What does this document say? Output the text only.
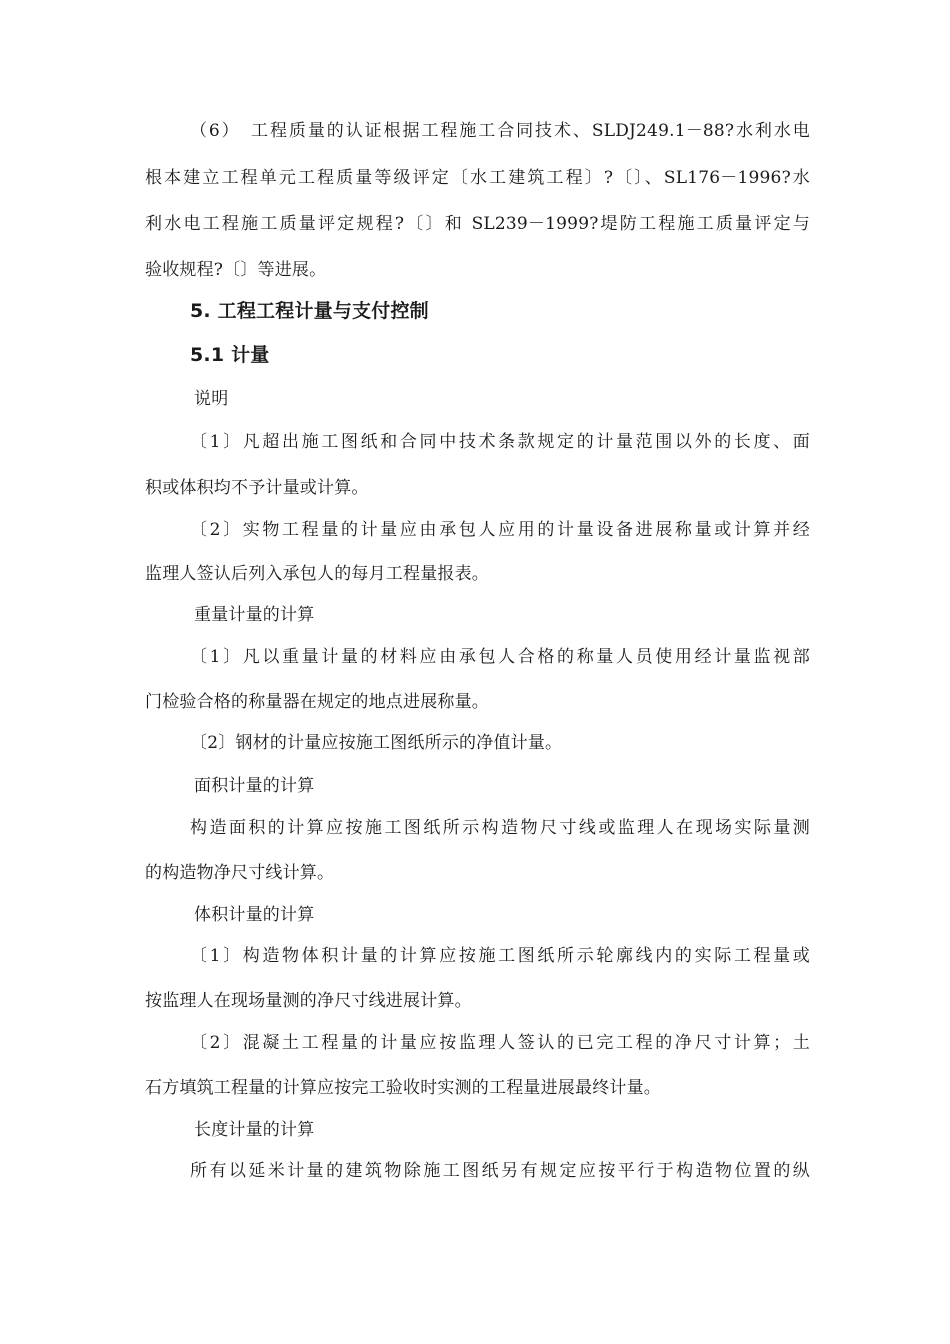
（6）　工程质量的认证根据工程施工合同技术、SLDJ249.1－88?水利水电
根本建立工程单元工程质量等级评定〔水工建筑工程〕?〔〕、SL176－1996?水
利水电工程施工质量评定规程?〔〕和 SL239－1999?堤防工程施工质量评定与
验收规程?〔〕等进展。
5. 工程工程计量与支付控制
5.1 计量
说明
〔1〕凡超出施工图纸和合同中技术条款规定的计量范围以外的长度、面
积或体积均不予计量或计算。
〔2〕实物工程量的计量应由承包人应用的计量设备进展称量或计算并经
监理人签认后列入承包人的每月工程量报表。
重量计量的计算
〔1〕凡以重量计量的材料应由承包人合格的称量人员使用经计量监视部
门检验合格的称量器在规定的地点进展称量。
〔2〕钢材的计量应按施工图纸所示的净值计量。
面积计量的计算
构造面积的计算应按施工图纸所示构造物尺寸线或监理人在现场实际量测
的构造物净尺寸线计算。
体积计量的计算
〔1〕构造物体积计量的计算应按施工图纸所示轮廓线内的实际工程量或
按监理人在现场量测的净尺寸线进展计算。
〔2〕混凝土工程量的计量应按监理人签认的已完工程的净尺寸计算；土
石方填筑工程量的计算应按完工验收时实测的工程量进展最终计量。
长度计量的计算
所有以延米计量的建筑物除施工图纸另有规定应按平行于构造物位置的纵
